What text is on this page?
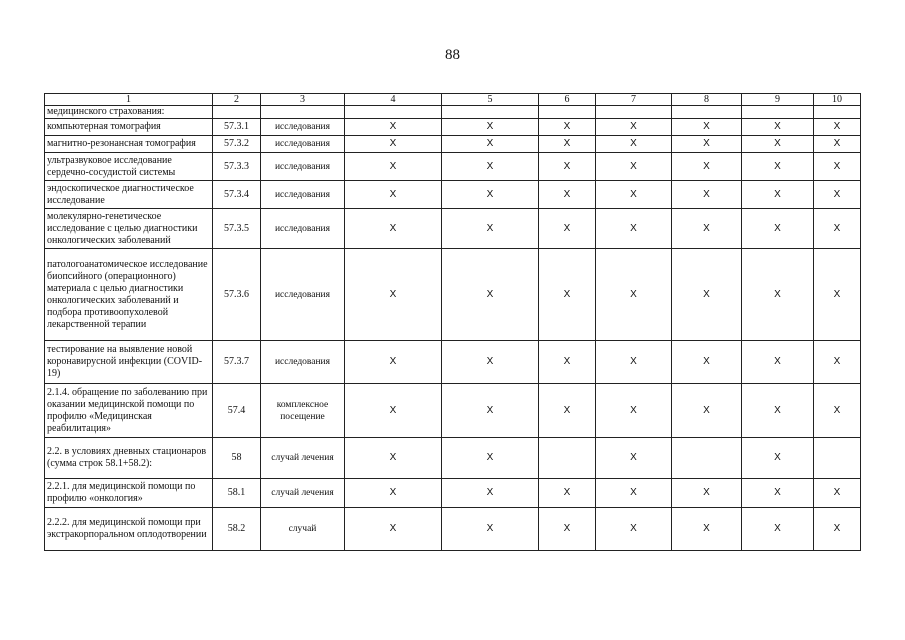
88
1	2	3	4	5	6	7	8	9	10
медицинского страхования:									
компьютерная томография	57.3.1	исследования	X	X	X	X	X	X	X
магнитно-резонансная томография	57.3.2	исследования	X	X	X	X	X	X	X
ультразвуковое исследование сердечно-сосудистой системы	57.3.3	исследования	X	X	X	X	X	X	X
эндоскопическое диагностическое исследование	57.3.4	исследования	X	X	X	X	X	X	X
молекулярно-генетическое исследование с целью диагностики онкологических заболеваний	57.3.5	исследования	X	X	X	X	X	X	X
патологоанатомическое исследование биопсийного (операционного) материала с целью диагностики онкологических заболеваний и подбора противоопухолевой лекарственной терапии	57.3.6	исследования	X	X	X	X	X	X	X
тестирование на выявление новой коронавирусной инфекции (COVID-19)	57.3.7	исследования	X	X	X	X	X	X	X
2.1.4. обращение по заболеванию при оказании медицинской помощи по профилю «Медицинская реабилитация»	57.4	комплексное посещение	X	X	X	X	X	X	X
2.2. в условиях дневных стационаров (сумма строк 58.1+58.2):	58	случай лечения	X	X		X		X	
2.2.1. для медицинской помощи по профилю «онкология»	58.1	случай лечения	X	X	X	X	X	X	X
2.2.2. для медицинской помощи при экстракорпоральном оплодотворении	58.2	случай	X	X	X	X	X	X	X
